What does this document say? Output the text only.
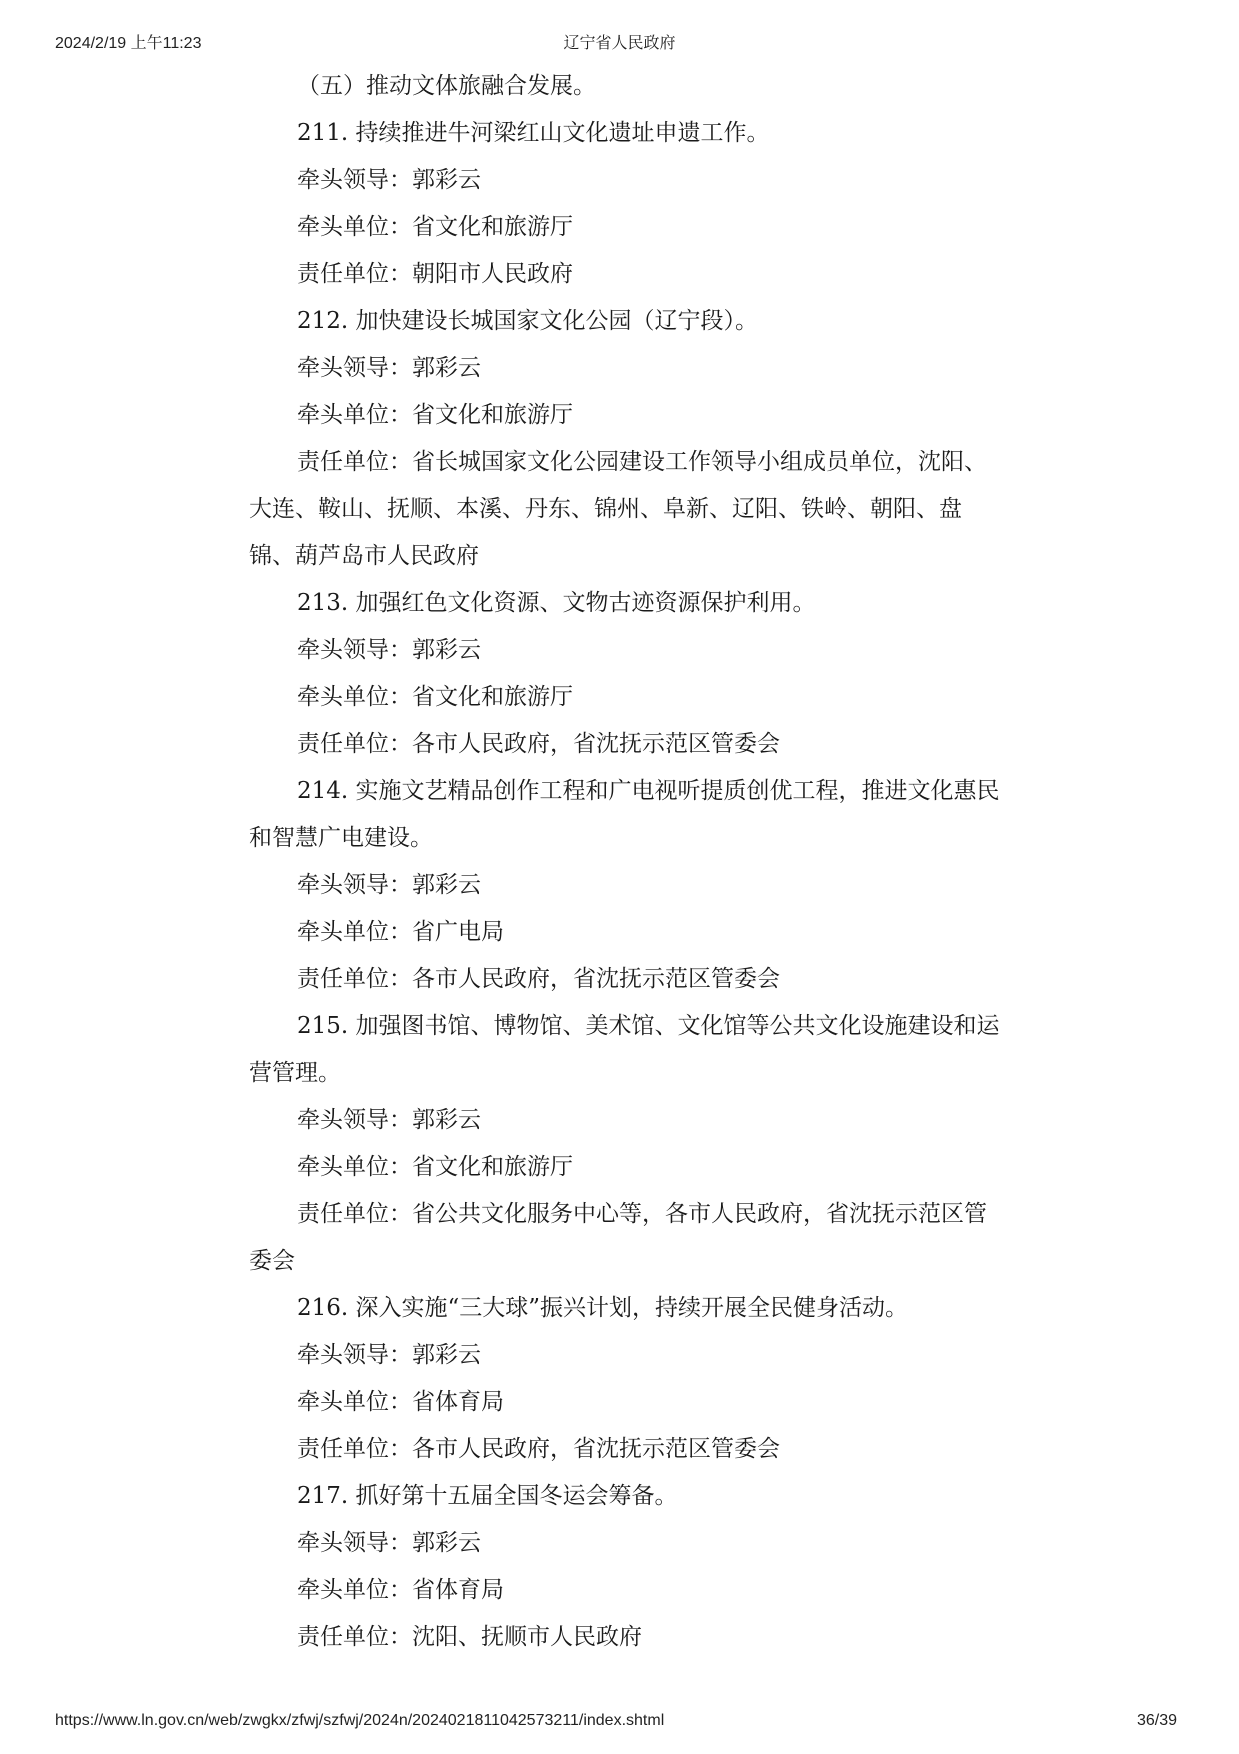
2024/2/19 上午11:23	辽宁省人民政府

（五）推动文体旅融合发展。

211. 持续推进牛河梁红山文化遗址申遗工作。

牵头领导：郭彩云

牵头单位：省文化和旅游厅

责任单位：朝阳市人民政府

212. 加快建设长城国家文化公园（辽宁段）。

牵头领导：郭彩云

牵头单位：省文化和旅游厅

责任单位：省长城国家文化公园建设工作领导小组成员单位，沈阳、大连、鞍山、抚顺、本溪、丹东、锦州、阜新、辽阳、铁岭、朝阳、盘锦、葫芦岛市人民政府

213. 加强红色文化资源、文物古迹资源保护利用。

牵头领导：郭彩云

牵头单位：省文化和旅游厅

责任单位：各市人民政府，省沈抚示范区管委会

214. 实施文艺精品创作工程和广电视听提质创优工程，推进文化惠民和智慧广电建设。

牵头领导：郭彩云

牵头单位：省广电局

责任单位：各市人民政府，省沈抚示范区管委会

215. 加强图书馆、博物馆、美术馆、文化馆等公共文化设施建设和运营管理。

牵头领导：郭彩云

牵头单位：省文化和旅游厅

责任单位：省公共文化服务中心等，各市人民政府，省沈抚示范区管委会

216. 深入实施“三大球”振兴计划，持续开展全民健身活动。

牵头领导：郭彩云

牵头单位：省体育局

责任单位：各市人民政府，省沈抚示范区管委会

217. 抓好第十五届全国冬运会筹备。

牵头领导：郭彩云

牵头单位：省体育局

责任单位：沈阳、抚顺市人民政府

https://www.ln.gov.cn/web/zwgkx/zfwj/szfwj/2024n/2024021811042573211/index.shtml	36/39
